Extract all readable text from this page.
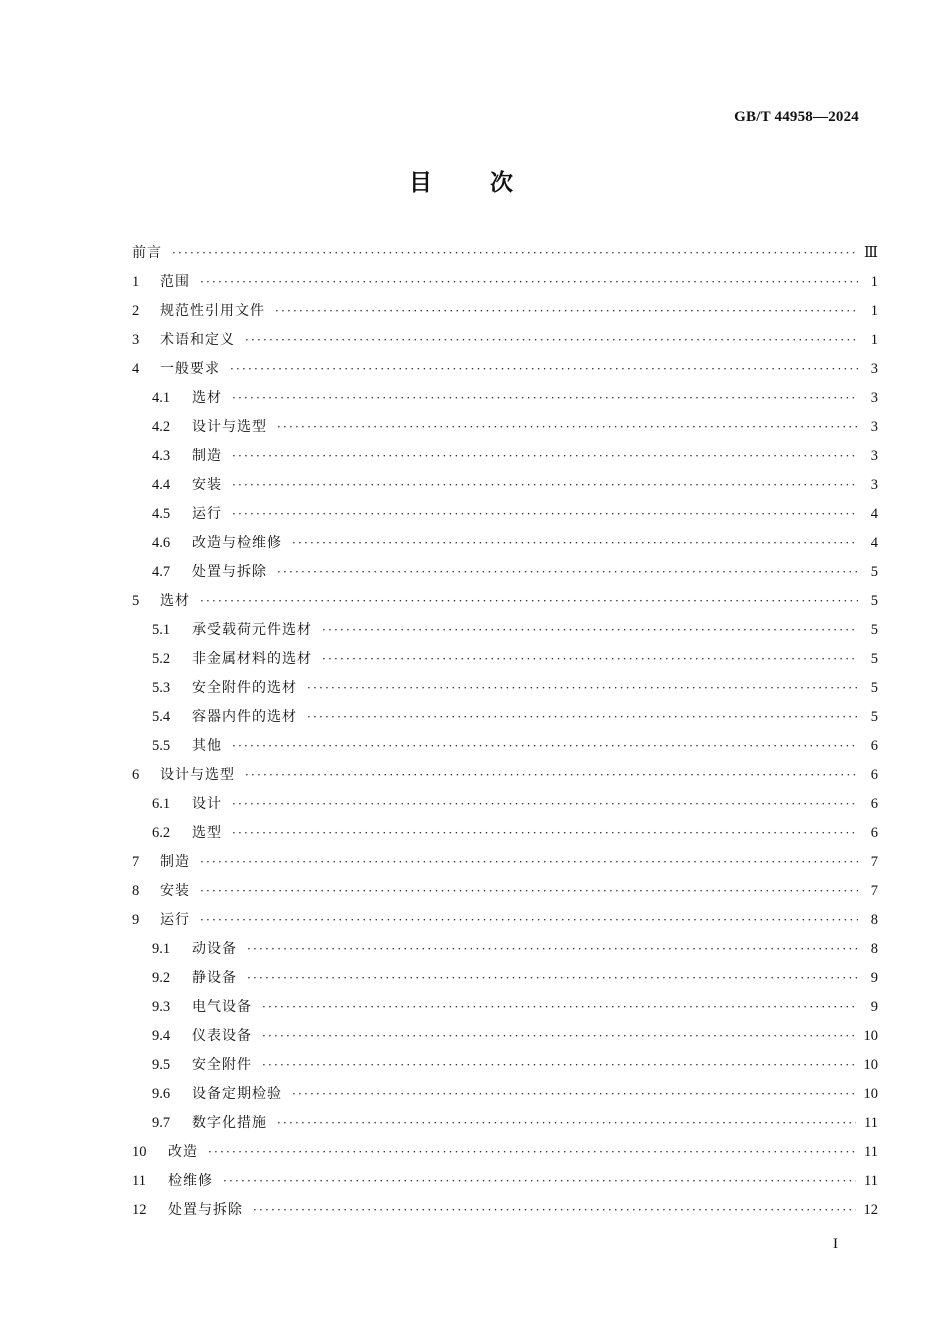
GB/T 44958—2024
目次
前言 ·····	Ⅲ
1	范围 ·····	1
2	规范性引用文件 ·····	1
3	术语和定义 ·····	1
4	一般要求 ·····	3
4.1	选材 ·····	3
4.2	设计与选型 ·····	3
4.3	制造 ·····	3
4.4	安装 ·····	3
4.5	运行 ·····	4
4.6	改造与检维修 ·····	4
4.7	处置与拆除 ·····	5
5	选材 ·····	5
5.1	承受载荷元件选材 ·····	5
5.2	非金属材料的选材 ·····	5
5.3	安全附件的选材 ·····	5
5.4	容器内件的选材 ·····	5
5.5	其他 ·····	6
6	设计与选型 ·····	6
6.1	设计 ·····	6
6.2	选型 ·····	6
7	制造 ·····	7
8	安装 ·····	7
9	运行 ·····	8
9.1	动设备 ·····	8
9.2	静设备 ·····	9
9.3	电气设备 ·····	9
9.4	仪表设备 ·····	10
9.5	安全附件 ·····	10
9.6	设备定期检验 ·····	10
9.7	数字化措施 ·····	11
10	改造 ·····	11
11	检维修 ·····	11
12	处置与拆除 ·····	12
I
